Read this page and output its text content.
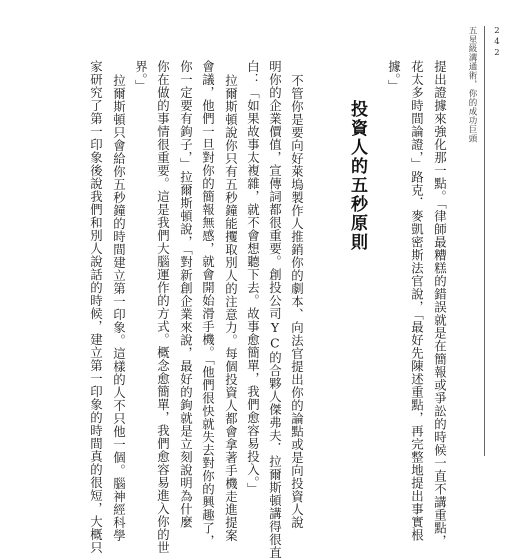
242
五星級溝通術，你的成功巨頭
提出證據來強化那一點。「律師最糟糕的錯誤就是在簡報或爭訟的時候一直不講重點，
花太多時間論證，」路克．麥凱密斯法官說，「最好先陳述重點，再完整地提出事實根
據。」
投資人的五秒原則
不管你是要向好萊塢製作人推銷你的劇本、向法官提出你的論點或是向投資人說
明你的企業價值，宣傳詞都很重要。創投公司YC的合夥人傑弗夫．拉爾斯頓講得很直
白：「如果故事太複雜，就不會想聽下去。故事愈簡單，我們愈容易投入。」
拉爾斯頓說你只有五秒鐘能攫取別人的注意力。每個投資人都會拿著手機走進提案
會議，他們一旦對你的簡報無感，就會開始滑手機。「他們很快就失去對你的興趣了，
你一定要有鉤子，」拉爾斯頓說，「對新創企業來說，最好的鉤就是立刻說明為什麼
你在做的事情很重要。這是我們大腦運作的方式。概念愈簡單，我們愈容易進入你的世
界。」
拉爾斯頓只會給你五秒鐘的時間建立第一印象。這樣的人不只他一個。腦神經科學
家研究了第一印象後說我們和別人說話的時候，建立第一印象的時間真的很短，大概只
